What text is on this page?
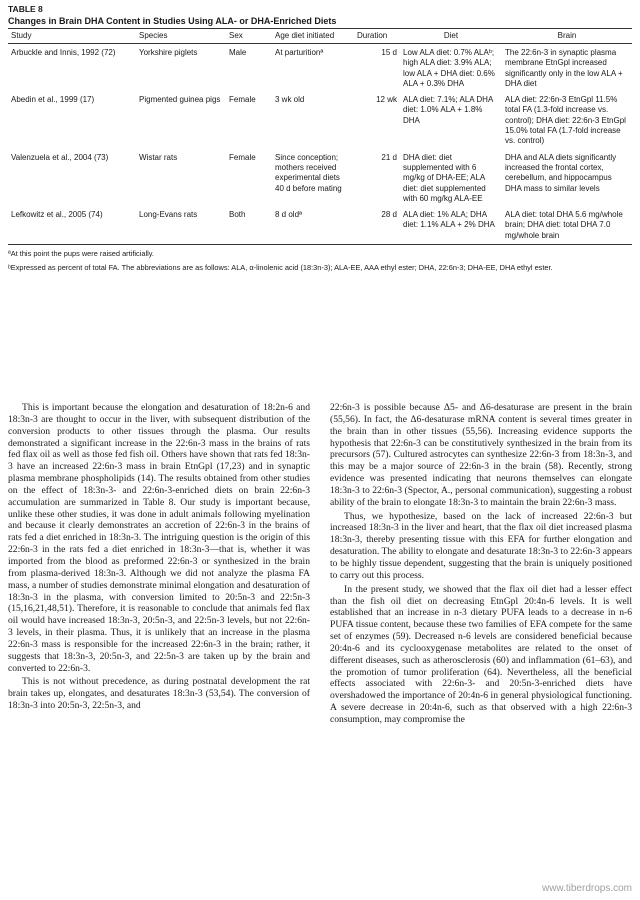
TABLE 8
Changes in Brain DHA Content in Studies Using ALA- or DHA-Enriched Diets
Study	Species	Sex	Age diet initiated	Duration	Diet	Brain
Arbuckle and Innis, 1992 (72)	Yorkshire piglets	Male	At parturitionª	15 d	Low ALA diet: 0.7% ALAᵇ; high ALA diet: 3.9% ALA; low ALA + DHA diet: 0.6% ALA + 0.3% DHA	The 22:6n-3 in synaptic plasma membrane EtnGpl increased significantly only in the low ALA + DHA diet
Abedin et al., 1999 (17)	Pigmented guinea pigs	Female	3 wk old	12 wk	ALA diet: 7.1%; ALA DHA diet: 1.0% ALA + 1.8% DHA	ALA diet: 22:6n-3 EtnGpl 11.5% total FA (1.3-fold increase vs. control); DHA diet: 22:6n-3 EtnGpl 15.0% total FA (1.7-fold increase vs. control)
Valenzuela et al., 2004 (73)	Wistar rats	Female	Since conception; mothers received experimental diets 40 d before mating	21 d	DHA diet: diet supplemented with 6 mg/kg of DHA-EE; ALA diet: diet supplemented with 60 mg/kg ALA-EE	DHA and ALA diets significantly increased the frontal cortex, cerebellum, and hippocampus DHA mass to similar levels
Lefkowitz et al., 2005 (74)	Long-Evans rats	Both	8 d oldª	28 d	ALA diet: 1% ALA; DHA diet: 1.1% ALA + 2% DHA	ALA diet: total DHA 5.6 mg/whole brain; DHA diet: total DHA 7.0 mg/whole brain
ªAt this point the pups were raised artificially.
ᵇExpressed as percent of total FA. The abbreviations are as follows: ALA, α-linolenic acid (18:3n-3); ALA-EE, AAA ethyl ester; DHA, 22:6n-3; DHA-EE, DHA ethyl ester.

This is important because the elongation and desaturation of 18:2n-6 and 18:3n-3 are thought to occur in the liver, with subsequent distribution of the conversion products to other tissues through the plasma. Our results demonstrated a significant increase in the 22:6n-3 mass in the brains of rats fed flax oil as well as those fed fish oil. Others have shown that rats fed 18:3n-3 have an increased 22:6n-3 mass in brain EtnGpl (17,23) and in synaptic plasma membrane phospholipids (14). The results obtained from other studies on the effect of 18:3n-3- and 22:6n-3-enriched diets on brain 22:6n-3 accumulation are summarized in Table 8. Our study is important because, unlike these other studies, it was done in adult animals following myelination and because it clearly demonstrates an accretion of 22:6n-3 in the brains of rats fed a diet enriched in 18:3n-3. The intriguing question is the origin of this 22:6n-3 in the rats fed a diet enriched in 18:3n-3—that is, whether it was imported from the blood as preformed 22:6n-3 or synthesized in the brain from plasma-derived 18:3n-3. Although we did not analyze the plasma FA mass, a number of studies demonstrate minimal elongation and desaturation of 18:3n-3 in the plasma, with conversion limited to 20:5n-3 and 22:5n-3 (15,16,21,48,51). Therefore, it is reasonable to conclude that animals fed flax oil would have increased 18:3n-3, 20:5n-3, and 22:5n-3 levels, but not 22:6n-3 levels, in their plasma. Thus, it is unlikely that an increase in the plasma 22:6n-3 mass is responsible for the increased 22:6n-3 in the brain; rather, it suggests that 18:3n-3, 20:5n-3, and 22:5n-3 are taken up by the brain and converted to 22:6n-3.

This is not without precedence, as during postnatal development the rat brain takes up, elongates, and desaturates 18:3n-3 (53,54). The conversion of 18:3n-3 into 20:5n-3, 22:5n-3, and

22:6n-3 is possible because Δ5- and Δ6-desaturase are present in the brain (55,56). In fact, the Δ6-desaturase mRNA content is several times greater in the brain than in other tissues (55,56). Increasing evidence supports the hypothesis that 22:6n-3 can be constitutively synthesized in the brain from its precursors (57). Cultured astrocytes can synthesize 22:6n-3 from 18:3n-3, and this may be a major source of 22:6n-3 in the brain (58). Recently, strong evidence was presented indicating that neurons themselves can elongate 18:3n-3 to 22:6n-3 (Spector, A., personal communication), suggesting a robust ability of the brain to elongate 18:3n-3 to maintain the brain 22:6n-3 mass.

Thus, we hypothesize, based on the lack of increased 22:6n-3 but increased 18:3n-3 in the liver and heart, that the flax oil diet increased plasma 18:3n-3, thereby presenting tissue with this EFA for further elongation and desaturation. The ability to elongate and desaturate 18:3n-3 to 22:6n-3 appears to be highly tissue dependent, suggesting that the brain is uniquely positioned to carry out this process.

In the present study, we showed that the flax oil diet had a lesser effect than the fish oil diet on decreasing EtnGpl 20:4n-6 levels. It is well established that an increase in n-3 dietary PUFA leads to a decrease in n-6 PUFA tissue content, because these two families of EFA compete for the same set of enzymes (59). Decreased n-6 levels are considered beneficial because 20:4n-6 and its cyclooxygenase metabolites are related to the onset of different diseases, such as atherosclerosis (60) and inflammation (61–63), and the promotion of tumor proliferation (64). Nevertheless, all the beneficial effects associated with 22:6n-3- and 20:5n-3-enriched diets have overshadowed the importance of 20:4n-6 in general physiological functioning. A severe decrease in 20:4n-6, such as that observed with a high 22:6n-3 consumption, may compromise the

www.tiberdrops.com
